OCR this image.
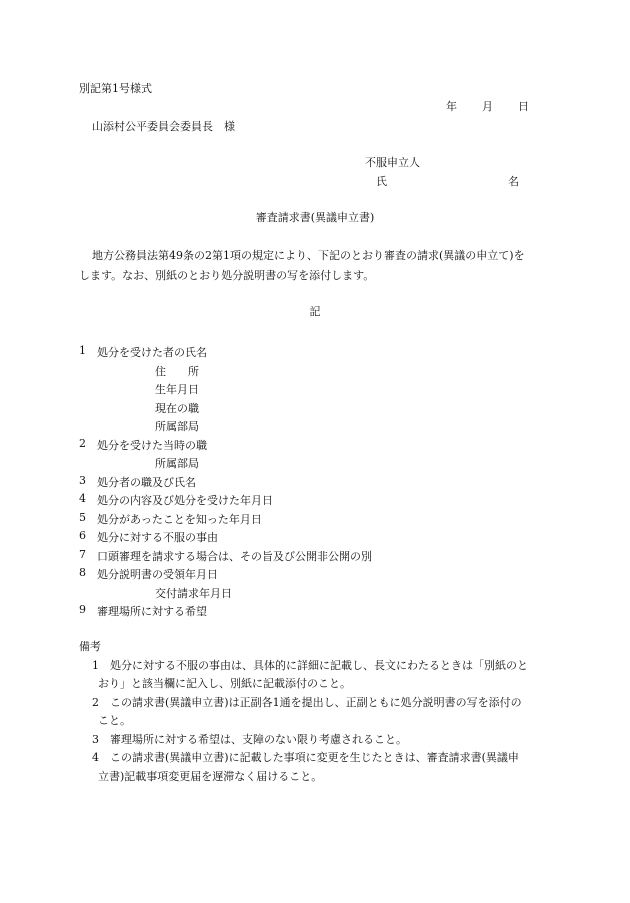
別記第1号様式
年 月 日
山添村公平委員会委員長　様
不服申立人
氏	名
審査請求書(異議申立書)
地方公務員法第49条の2第1項の規定により、下記のとおり審査の請求(異議の申立て)を
します。なお、別紙のとおり処分説明書の写を添付します。
記
1 処分を受けた者の氏名
住　　所
生年月日
現在の職
所属部局
2 処分を受けた当時の職
所属部局
3 処分者の職及び氏名
4 処分の内容及び処分を受けた年月日
5 処分があったことを知った年月日
6 処分に対する不服の事由
7 口頭審理を請求する場合は、その旨及び公開非公開の別
8 処分説明書の受領年月日
交付請求年月日
9 審理場所に対する希望
備考
1 処分に対する不服の事由は、具体的に詳細に記載し、長文にわたるときは「別紙のと
おり」と該当欄に記入し、別紙に記載添付のこと。
2 この請求書(異議申立書)は正副各1通を提出し、正副ともに処分説明書の写を添付の
こと。
3 審理場所に対する希望は、支障のない限り考慮されること。
4 この請求書(異議申立書)に記載した事項に変更を生じたときは、審査請求書(異議申
立書)記載事項変更届を遅滞なく届けること。
